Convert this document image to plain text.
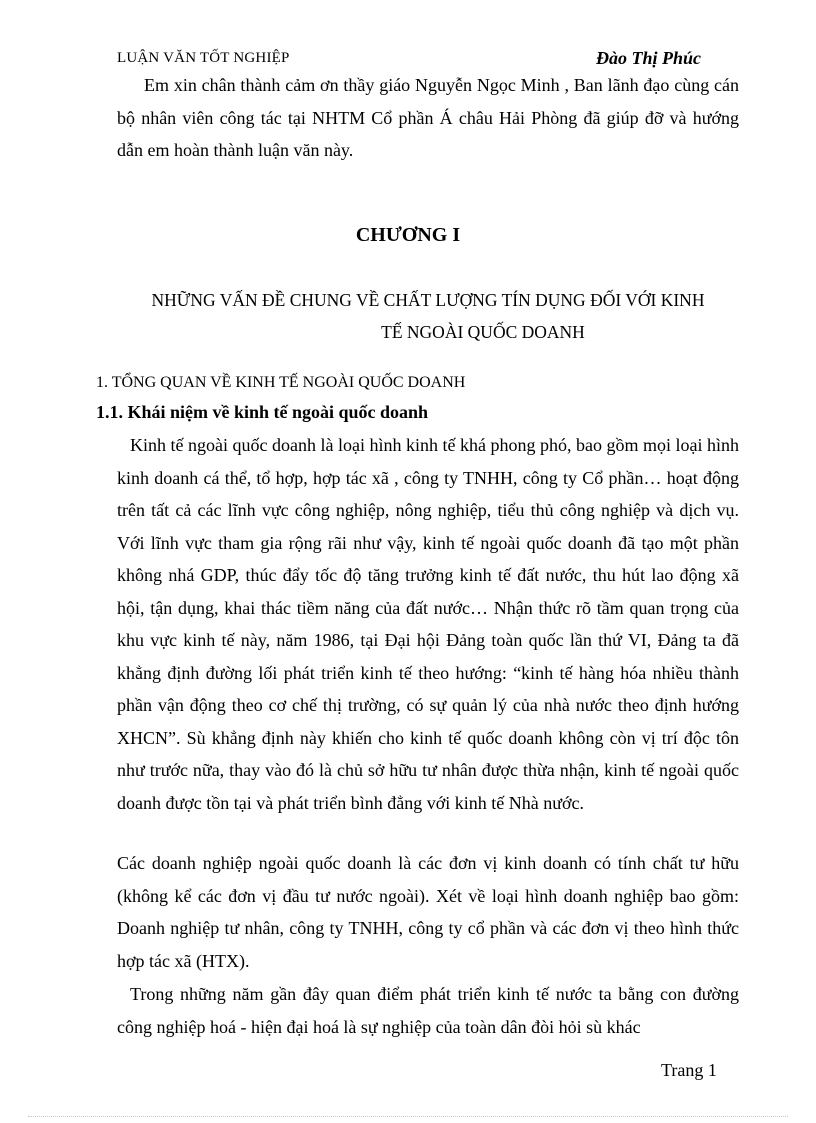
LUẬN VĂN TỐT NGHIỆP	Đào Thị Phúc

Em xin chân thành cảm ơn thầy giáo Nguyễn Ngọc Minh , Ban lãnh đạo cùng cán bộ nhân viên công tác tại NHTM Cổ phần Á châu Hải Phòng đã giúp đỡ và hướng dẫn em hoàn thành luận văn này.

CHƯƠNG I
NHỮNG VẤN ĐỀ CHUNG VỀ CHẤT LƯỢNG TÍN DỤNG ĐỐI VỚI KINH
TẾ NGOÀI QUỐC DOANH
1. TỔNG QUAN VỀ KINH TẾ NGOÀI QUỐC DOANH
1.1. Khái niệm về kinh tế ngoài quốc doanh

Kinh tế ngoài quốc doanh là loại hình kinh tế khá phong phó, bao gồm mọi loại hình kinh doanh cá thể, tổ hợp, hợp tác xã , công ty TNHH, công ty Cổ phần… hoạt động trên tất cả các lĩnh vực công nghiệp, nông nghiệp, tiểu thủ công nghiệp và dịch vụ. Với lĩnh vực tham gia rộng rãi như vậy, kinh tế ngoài quốc doanh đã tạo một phần không nhá GDP, thúc đẩy tốc độ tăng trưởng kinh tế đất nước, thu hút lao động xã hội, tận dụng, khai thác tiềm năng của đất nước… Nhận thức rõ tầm quan trọng của khu vực kinh tế này, năm 1986, tại Đại hội Đảng toàn quốc lần thứ VI, Đảng ta đã khẳng định đường lối phát triển kinh tế theo hướng: “kinh tế hàng hóa nhiều thành phần vận động theo cơ chế thị trường, có sự quản lý của nhà nước theo định hướng XHCN”. Sù khẳng định này khiến cho kinh tế quốc doanh không còn vị trí độc tôn như trước nữa, thay vào đó là chủ sở hữu tư nhân được thừa nhận, kinh tế ngoài quốc doanh được tồn tại và phát triển bình đẳng với kinh tế Nhà nước.

Các doanh nghiệp ngoài quốc doanh là các đơn vị kinh doanh có tính chất tư hữu (không kể các đơn vị đầu tư nước ngoài). Xét về loại hình doanh nghiệp bao gồm: Doanh nghiệp tư nhân, công ty TNHH, công ty cổ phần và các đơn vị theo hình thức hợp tác xã (HTX).

Trong những năm gần đây quan điểm phát triển kinh tế nước ta bằng con đường công nghiệp hoá - hiện đại hoá là sự nghiệp của toàn dân đòi hỏi sù khác

Trang 1
